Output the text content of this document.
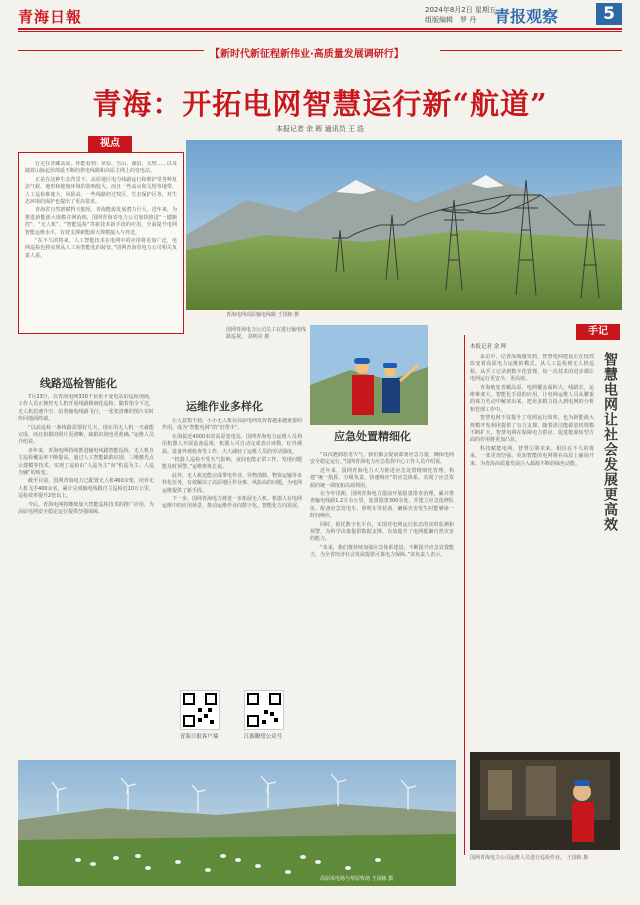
青海日報	2024年8月2日 星期五
组版编辑　罗 丹	青报观察	5
【新时代新征程新伟业·高质量发展调研行】
青海：开拓电网智慧运行新“航道”
本报记者 余 晖 通讯员 王 浩
视点

行走在青藏高原，你能看到：草原、雪山、湖泊、戈壁……以及随着山脉起伏绵延不断的供电线路和高原主网上的变电站。

正是在这种生态背景下，高原地区电力线路运行和维护受各种复杂气候、地形和地貌环境的影响较大，而且一些高山和戈壁等地带，人工巡检难度大，风险高，一些线路经过牧区、生态保护区等，对生态环境的保护也提出了更高要求。

青海省自然禀赋得天独厚，青海能源发展潜力巨大。近年来，为推进新能源大规模并网消纳，国网青海省电力公司加快推进“一键顺控”、“无人机”、“智能巡检”等新技术新手段的应用，全面提升电网智能运维水平，有效支撑新能源大规模接入与外送。

“在不久的将来，人工智能技术在电网中的应用将更加广泛，电网巡检也将实现从人工向智能化的转变。”国网青海省电力公司相关负责人说。

青海电网高原输电线路 王国栋 摄
国网青海电力公司员工在进行输电线路巡视。 刘明亮 摄
线路巡检智能化

7月23日，在青海电网330千伏鱼卡变电站的巡检现场，工作人员正操控无人机开展线路精细化巡检，随着指令下达，无人机迅速升空，沿着输电线路飞行，一张张清晰的图片实时传回地面终端。

“以前巡检一条线路需要好几天，现在用无人机一天就能完成，而且拍摄的照片更清晰，缺陷识别也更准确。”运维人员介绍说。

多年来，青海电网持续推进输电线路智能巡检，无人机自主巡检覆盖率不断提高，通过人工智能缺陷识别、三维激光点云建模等技术，实现了巡检由“人巡为主”向“机巡为主、人巡为辅”的转变。

截至目前，国网青海电力已配置无人机460余架，培养无人机飞手400余名，累计完成输电线路自主巡检近10万公里，巡检效率提升2倍以上。

今后，青海电网将继续加大智能巡检技术的推广应用，为高原电网安全稳定运行提供坚强保障。

运维作业多样化

让人意想不到，小小无人机在高原电网发挥着越来越重要的作用，成为“智能电网”的“好帮手”。

在海拔近4000米的高原变电站，国网青海电力运维人员利用机器人开展设备巡视，机器人可自动完成表计读数、红外测温、设备外观检查等工作，大大减轻了运维人员的劳动强度。

“机器人巡检不受天气影响，夜间也能正常工作，发现问题能及时预警。”运维班班长说。

此外，无人机还能完成带电作业、异物清除、物资运输等多样化任务，有效解决了高原地区作业难、风险高的问题，为电网运维提供了新手段。

下一步，国网青海电力将进一步拓展无人机、机器人在电网运维中的应用场景，推动运维作业向数字化、智能化方向发展。

应急处置精细化

“每次遇到恶劣天气，我们都会提前部署应急力量，确保电网安全稳定运行。”国网青海电力应急指挥中心工作人员介绍说。

近年来，国网青海电力大力推进应急处置精细化管理，构建“统一指挥、分级负责、快速响应”的应急体系，实现了应急资源的统一调度和高效利用。

在今年汛期，国网青海电力提前开展隐患排查治理，累计排查输电线路1.2万余公里，处置隐患300余处，并建立应急抢修队伍，配备应急发电车、照明车等装备，确保灾害发生时能够第一时间响应。

同时，依托数字化平台，实现对电网运行状态的实时监测和预警，为科学决策提供数据支撑，有效提升了电网抵御自然灾害的能力。

“未来，我们将持续加强应急体系建设，不断提升应急处置能力，为全省经济社会发展提供可靠电力保障。”该负责人表示。

青海日报客户端	江源瞭望公众号
手记
本报记者 余 晖

采访中，记者深刻感受到，智慧电网建设正在悄然改变着高原电力运维的模式。从人工巡检到无人机巡检，从手工记录到数字化管理，每一次技术的进步都让电网运行更安全、更高效。

青海地处青藏高原，电网覆盖面积大、线路长，运维难度大。智能化手段的应用，让电网运维人员从繁重的体力劳动中解放出来，把更多精力投入到电网的分析和管理工作中。

智慧电网不仅提升了电网运行效率，也为新能源大规模开发利用提供了有力支撑。随着清洁能源装机规模不断扩大，智慧电网在保障电力供应、促进能源转型方面的作用将更加凸显。

科技赋能电网，智慧引领未来。相信在不久的将来，一张更加坚强、更加智能的电网将在高原上铺展开来，为青海高质量发展注入源源不断的绿色动能。	智慧电网让社会发展更高效
国网青海电力公司运维人员进行巡检作业。 王国栋 摄
高原风电场与草原牧场 王国栋 摄
